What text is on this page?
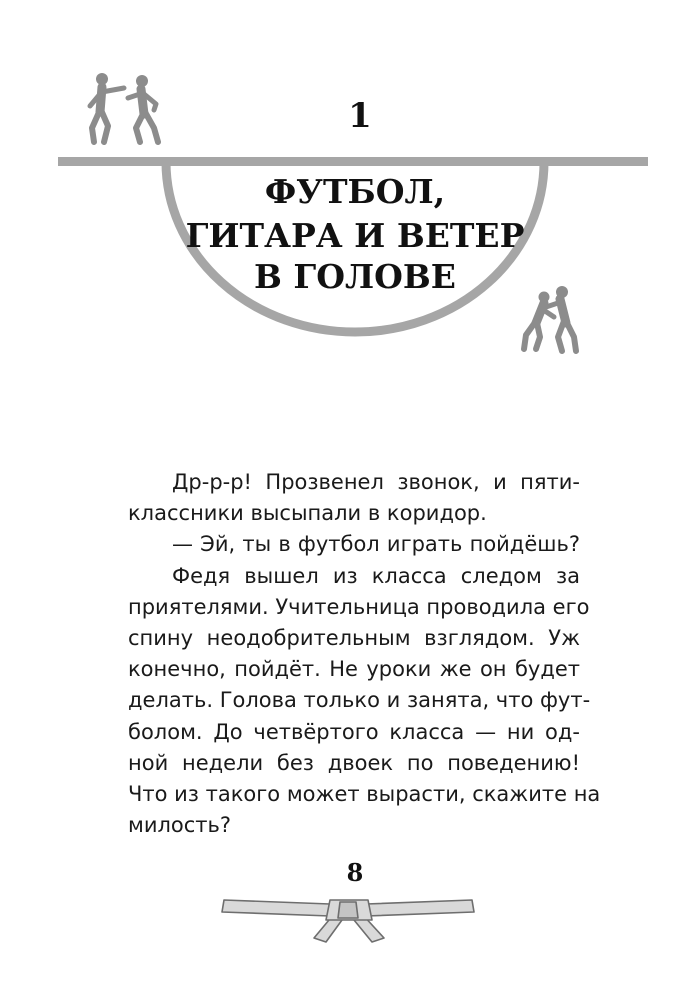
1
ФУТБОЛ,
ГИТАРА И ВЕТЕР
В ГОЛОВЕ
Др-р-р! Прозвенел звонок, и пяти-
классники высыпали в коридор.
— Эй, ты в футбол играть пойдёшь?
Федя вышел из класса следом за
приятелями. Учительница проводила его
спину неодобрительным взглядом. Уж
конечно, пойдёт. Не уроки же он будет
делать. Голова только и занята, что фут-
болом. До четвёртого класса — ни од-
ной недели без двоек по поведению!
Что из такого может вырасти, скажите на
милость?
8
